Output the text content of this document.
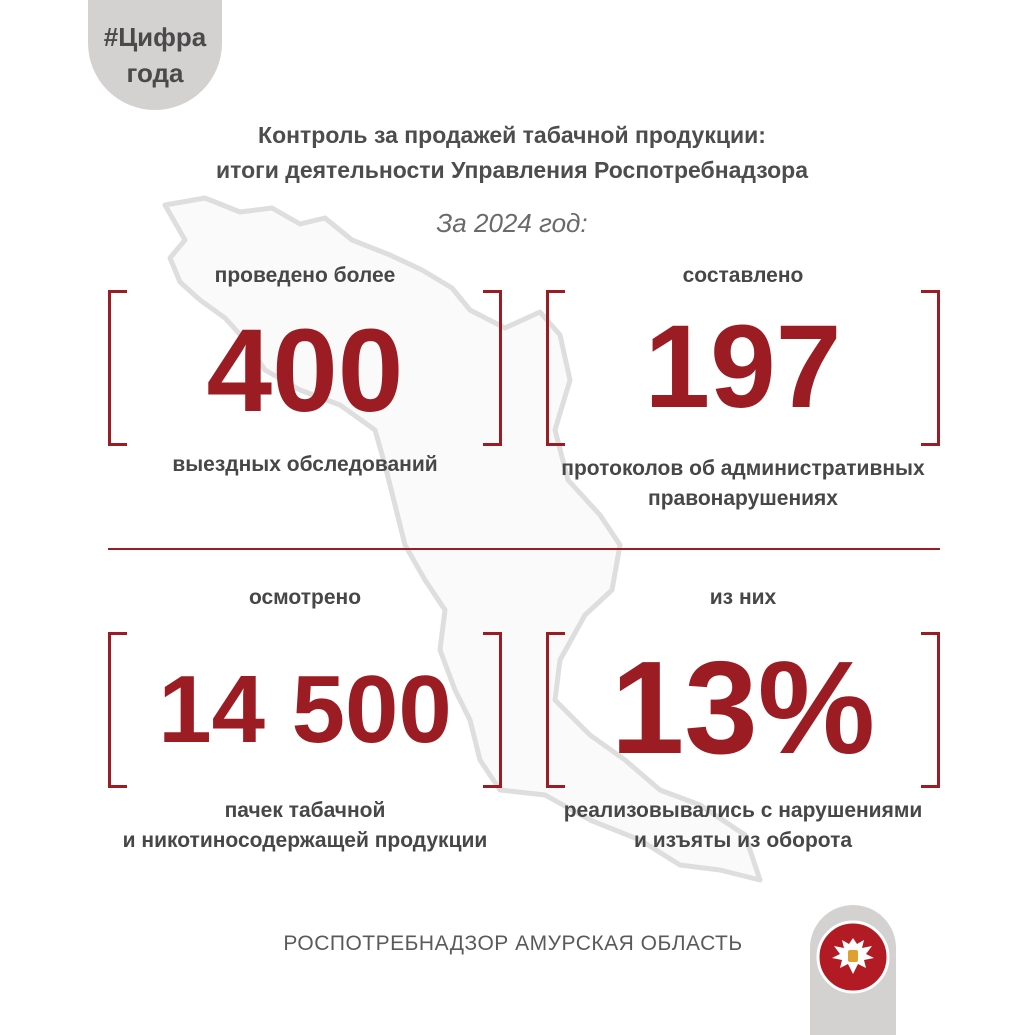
#Цифра
года
Контроль за продажей табачной продукции:
итоги деятельности Управления Роспотребнадзора
За 2024 год:
проведено более
400
выездных обследований
составлено
197
протоколов об административных
правонарушениях
осмотрено
14 500
пачек табачной
и никотиносодержащей продукции
из них
13%
реализовывались с нарушениями
и изъяты из оборота
РОСПОТРЕБНАДЗОР АМУРСКАЯ ОБЛАСТЬ
